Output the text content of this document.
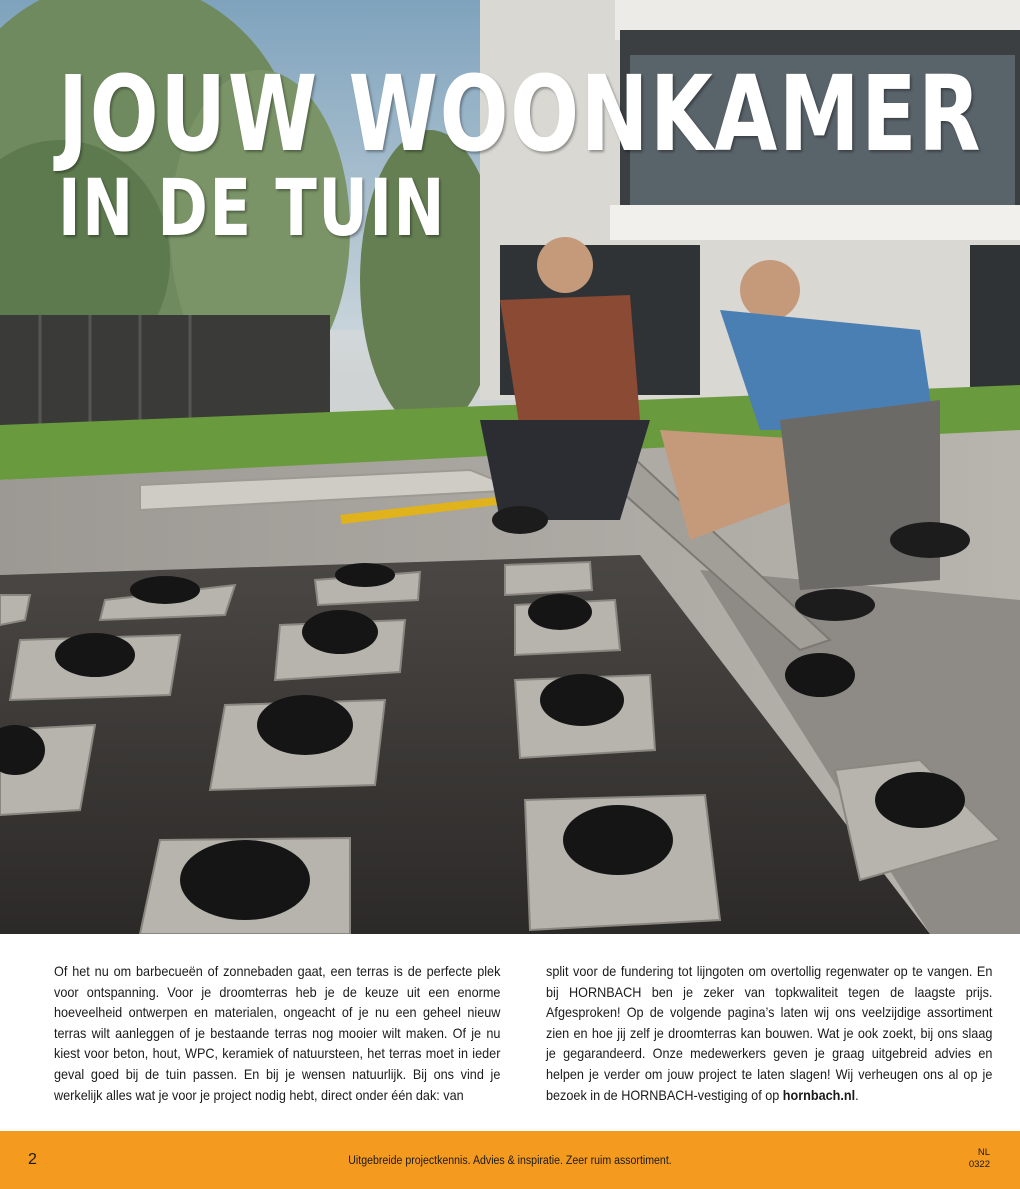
JOUW WOONKAMER
IN DE TUIN

Of het nu om barbecueën of zonnebaden gaat, een terras is de perfecte plek voor ontspanning. Voor je droomterras heb je de keuze uit een enorme hoeveelheid ontwerpen en materialen, ongeacht of je nu een geheel nieuw terras wilt aanleggen of je bestaande terras nog mooier wilt maken. Of je nu kiest voor beton, hout, WPC, keramiek of natuursteen, het terras moet in ieder geval goed bij de tuin passen. En bij je wensen natuurlijk. Bij ons vind je werkelijk alles wat je voor je project nodig hebt, direct onder één dak: van

split voor de fundering tot lijngoten om overtollig regenwater op te vangen. En bij HORNBACH ben je zeker van topkwaliteit tegen de laagste prijs. Afgesproken! Op de volgende pagina’s laten wij ons veelzijdige assortiment zien en hoe jij zelf je droomterras kan bouwen. Wat je ook zoekt, bij ons slaag je gegarandeerd. Onze medewerkers geven je graag uitgebreid advies en helpen je verder om jouw project te laten slagen! Wij verheugen ons al op je bezoek in de HORNBACH-vestiging of op hornbach.nl.

2	Uitgebreide projectkennis. Advies & inspiratie. Zeer ruim assortiment.
NL
0322
